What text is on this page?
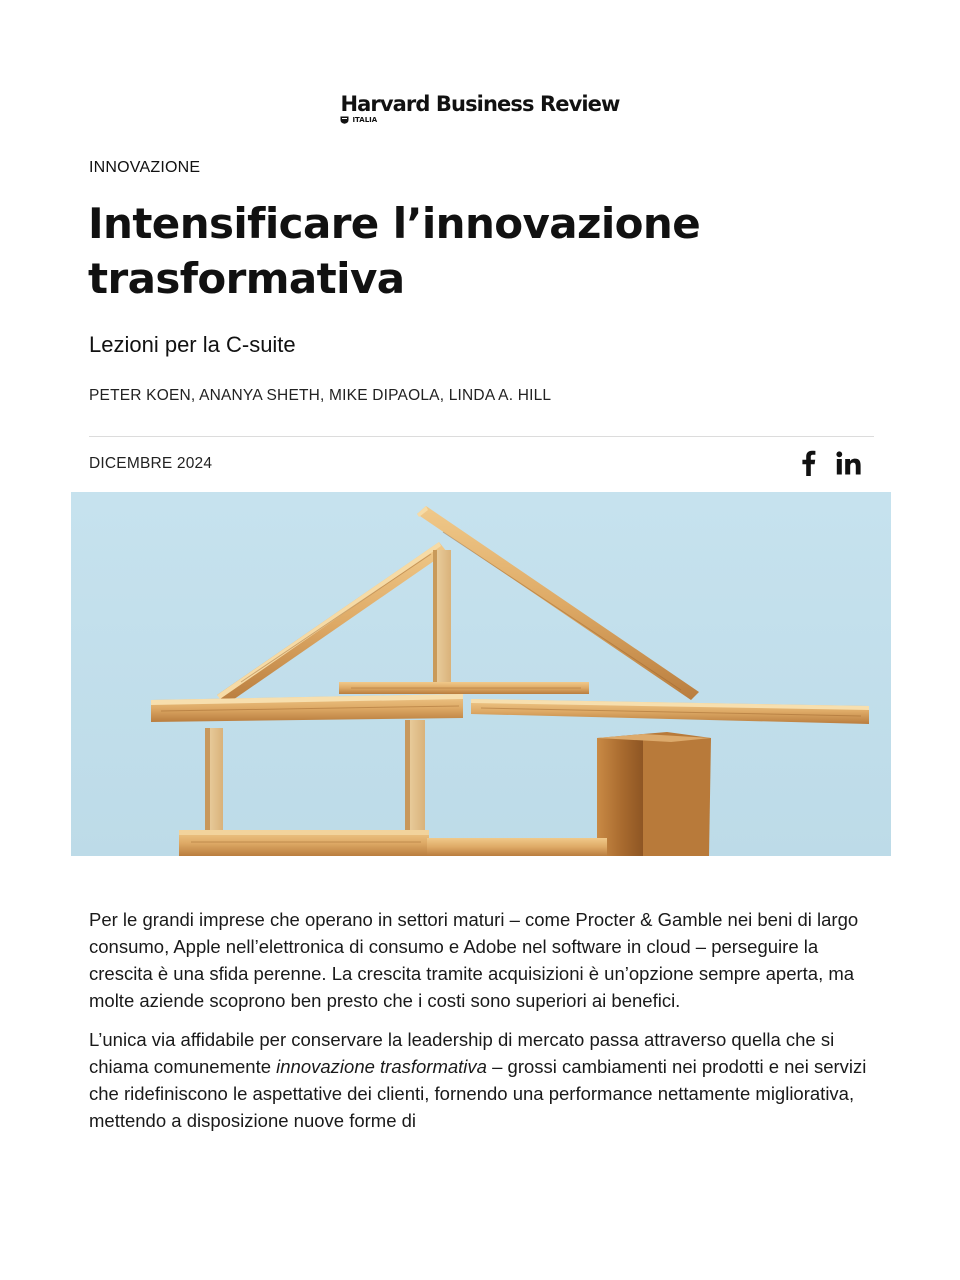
Harvard Business Review
ITALIA
INNOVAZIONE
Intensificare l’innovazione trasformativa
Lezioni per la C-suite
PETER KOEN, ANANYA SHETH, MIKE DIPAOLA, LINDA A. HILL
DICEMBRE 2024

Per le grandi imprese che operano in settori maturi – come Procter & Gamble nei beni di largo consumo, Apple nell’elettronica di consumo e Adobe nel software in cloud – perseguire la crescita è una sfida perenne. La crescita tramite acquisizioni è un’opzione sempre aperta, ma molte aziende scoprono ben presto che i costi sono superiori ai benefici.

L’unica via affidabile per conservare la leadership di mercato passa attraverso quella che si chiama comunemente innovazione trasformativa – grossi cambiamenti nei prodotti e nei servizi che ridefiniscono le aspettative dei clienti, fornendo una performance nettamente migliorativa, mettendo a disposizione nuove forme di
